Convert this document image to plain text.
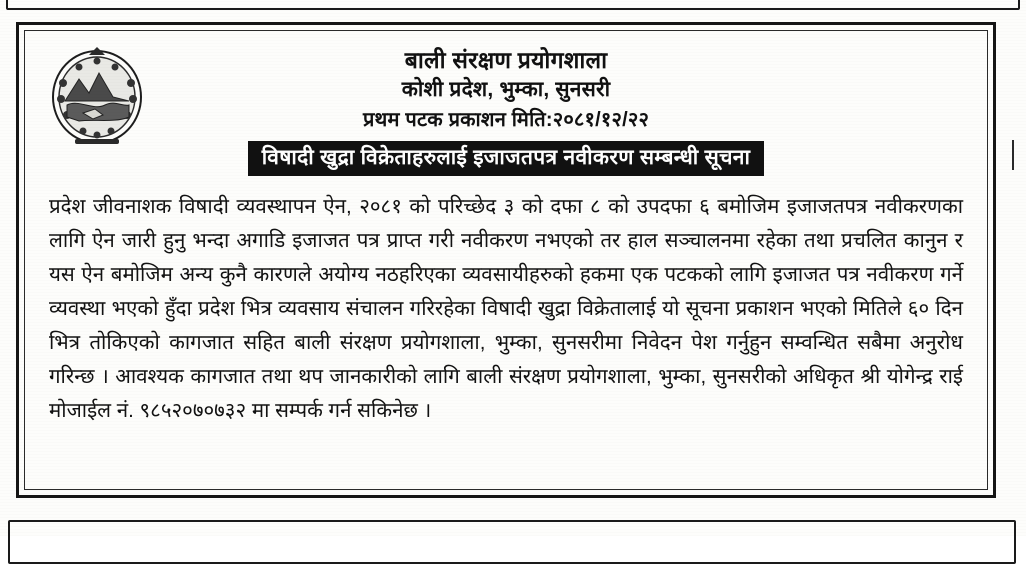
बाली संरक्षण प्रयोगशाला
कोशी प्रदेश, भुम्का, सुनसरी
प्रथम पटक प्रकाशन मिति:२०८१/१२/२२
विषादी खुद्रा विक्रेताहरुलाई इजाजतपत्र नवीकरण सम्बन्धी सूचना

प्रदेश जीवनाशक विषादी व्यवस्थापन ऐन, २०८१ को परिच्छेद ३ को दफा ८ को उपदफा ६ बमोजिम इजाजतपत्र नवीकरणका लागि ऐन जारी हुनु भन्दा अगाडि इजाजत पत्र प्राप्त गरी नवीकरण नभएको तर हाल सञ्चालनमा रहेका तथा प्रचलित कानुन र यस ऐन बमोजिम अन्य कुनै कारणले अयोग्य नठहरिएका व्यवसायीहरुको हकमा एक पटकको लागि इजाजत पत्र नवीकरण गर्ने व्यवस्था भएको हुँदा प्रदेश भित्र व्यवसाय संचालन गरिरहेका विषादी खुद्रा विक्रेतालाई यो सूचना प्रकाशन भएको मितिले ६० दिन भित्र तोकिएको कागजात सहित बाली संरक्षण प्रयोगशाला, भुम्का, सुनसरीमा निवेदन पेश गर्नुहुन सम्वन्धित सबैमा अनुरोध गरिन्छ । आवश्यक कागजात तथा थप जानकारीको लागि बाली संरक्षण प्रयोगशाला, भुम्का, सुनसरीको अधिकृत श्री योगेन्द्र राई मोजाईल नं. ९८५२०७०७३२ मा सम्पर्क गर्न सकिनेछ ।
